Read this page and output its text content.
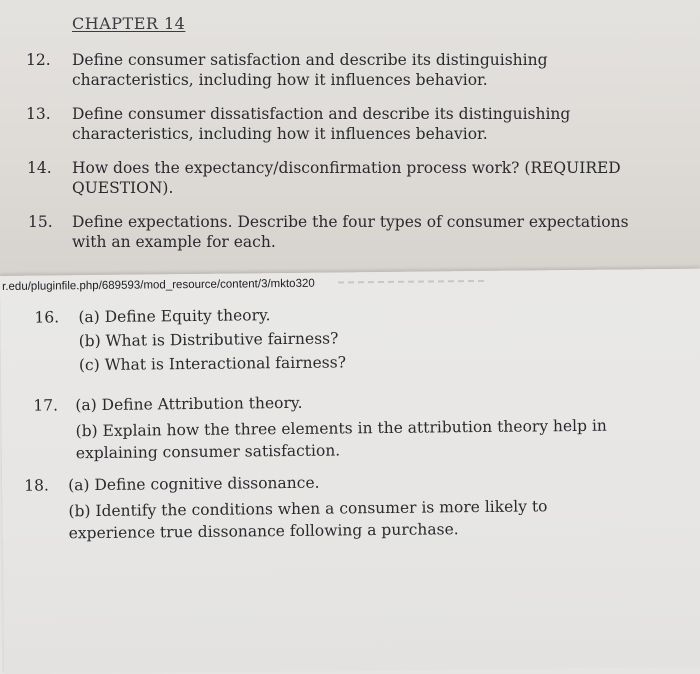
CHAPTER 14
12. Define consumer satisfaction and describe its distinguishing
characteristics, including how it influences behavior.
13. Define consumer dissatisfaction and describe its distinguishing
characteristics, including how it influences behavior.
14. How does the expectancy/disconfirmation process work? (REQUIRED
QUESTION).
15. Define expectations. Describe the four types of consumer expectations
with an example for each.
r.edu/pluginfile.php/689593/mod_resource/content/3/mkto320
16. (a) Define Equity theory.
(b) What is Distributive fairness?
(c) What is Interactional fairness?
17. (a) Define Attribution theory.
(b) Explain how the three elements in the attribution theory help in
explaining consumer satisfaction.
18. (a) Define cognitive dissonance.
(b) Identify the conditions when a consumer is more likely to
experience true dissonance following a purchase.
